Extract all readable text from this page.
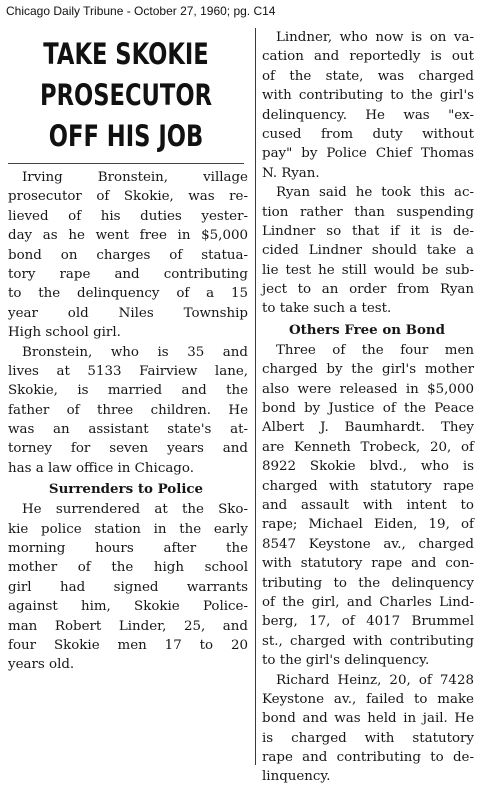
Chicago Daily Tribune - October 27, 1960; pg. C14
TAKE SKOKIE
PROSECUTOR
OFF HIS JOB
Irving Bronstein, village
prosecutor of Skokie, was re-
lieved of his duties yester-
day as he went free in $5,000
bond on charges of statua-
tory rape and contributing
to the delinquency of a 15
year old Niles Township
High school girl.
Bronstein, who is 35 and
lives at 5133 Fairview lane,
Skokie, is married and the
father of three children. He
was an assistant state's at-
torney for seven years and
has a law office in Chicago.
Surrenders to Police
He surrendered at the Sko-
kie police station in the early
morning hours after the
mother of the high school
girl had signed warrants
against him, Skokie Police-
man Robert Linder, 25, and
four Skokie men 17 to 20
years old.
Lindner, who now is on va-
cation and reportedly is out
of the state, was charged
with contributing to the girl's
delinquency. He was "ex-
cused from duty without
pay" by Police Chief Thomas
N. Ryan.
Ryan said he took this ac-
tion rather than suspending
Lindner so that if it is de-
cided Lindner should take a
lie test he still would be sub-
ject to an order from Ryan
to take such a test.
Others Free on Bond
Three of the four men
charged by the girl's mother
also were released in $5,000
bond by Justice of the Peace
Albert J. Baumhardt. They
are Kenneth Trobeck, 20, of
8922 Skokie blvd., who is
charged with statutory rape
and assault with intent to
rape; Michael Eiden, 19, of
8547 Keystone av., charged
with statutory rape and con-
tributing to the delinquency
of the girl, and Charles Lind-
berg, 17, of 4017 Brummel
st., charged with contributing
to the girl's delinquency.
Richard Heinz, 20, of 7428
Keystone av., failed to make
bond and was held in jail. He
is charged with statutory
rape and contributing to de-
linquency.
